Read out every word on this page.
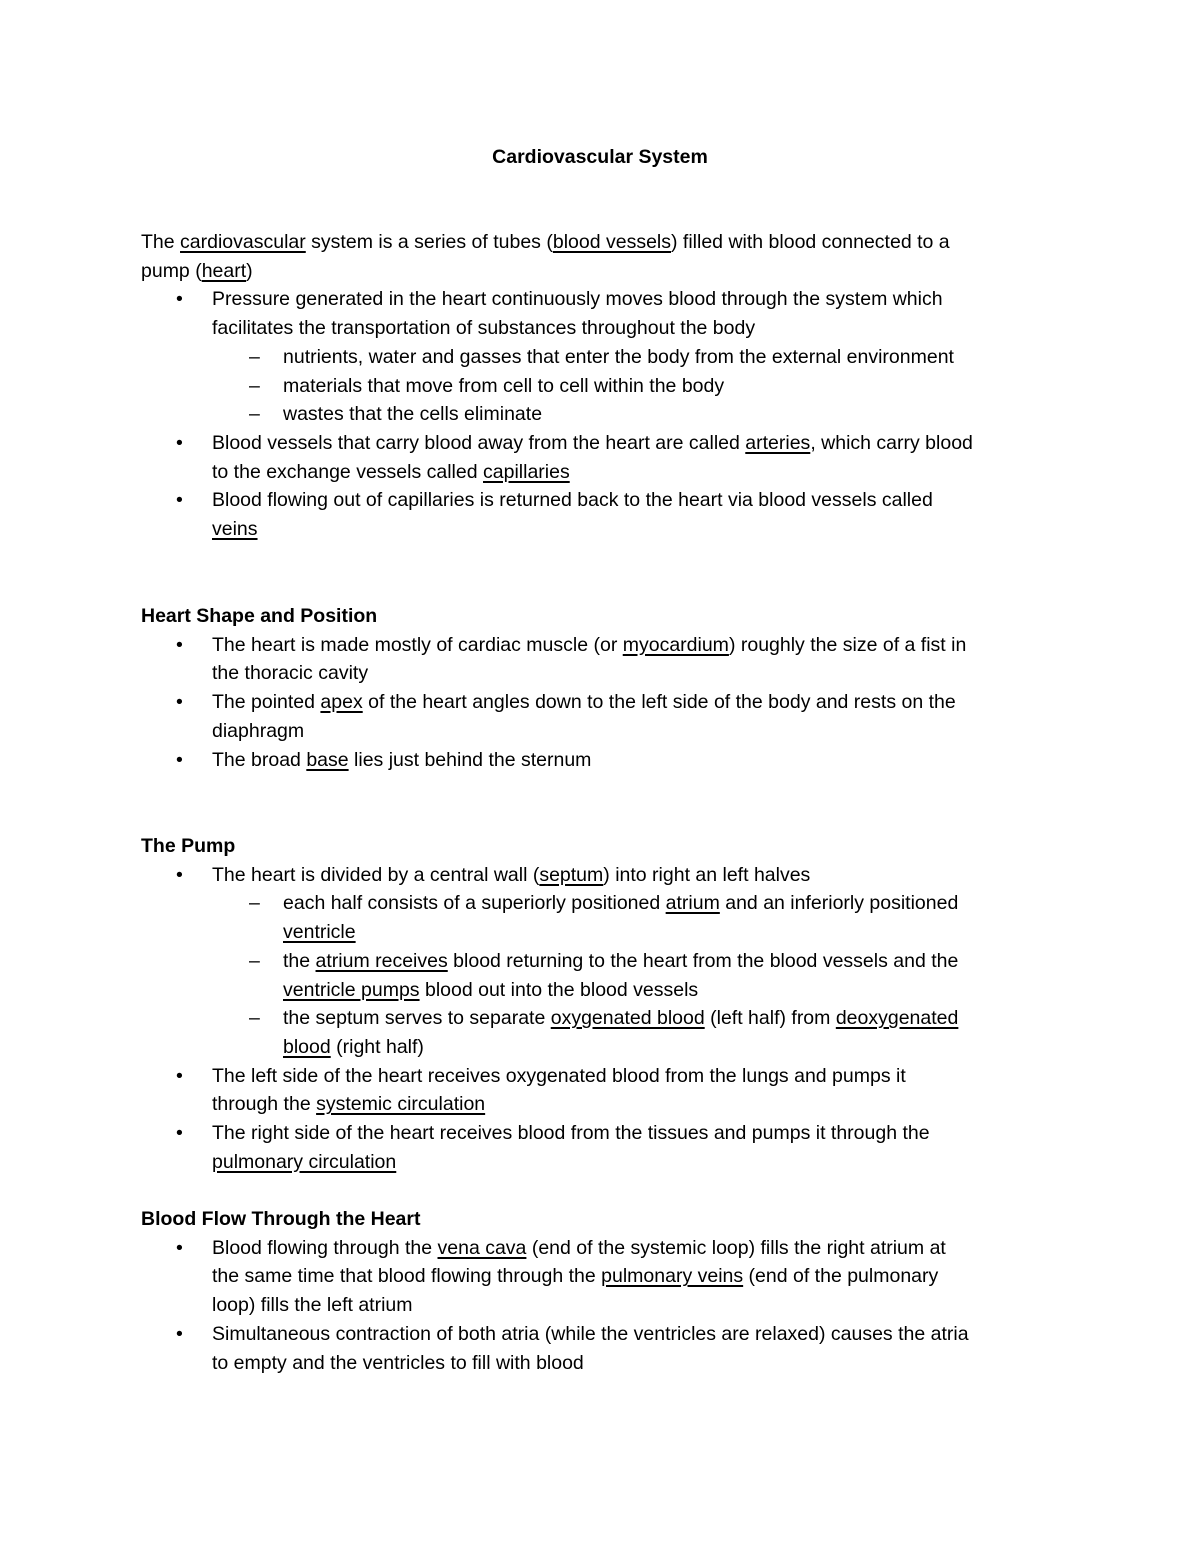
Cardiovascular System
The cardiovascular system is a series of tubes (blood vessels) filled with blood connected to a
pump (heart)
• Pressure generated in the heart continuously moves blood through the system which
facilitates the transportation of substances throughout the body
– nutrients, water and gasses that enter the body from the external environment
– materials that move from cell to cell within the body
– wastes that the cells eliminate
• Blood vessels that carry blood away from the heart are called arteries, which carry blood
to the exchange vessels called capillaries
• Blood flowing out of capillaries is returned back to the heart via blood vessels called
veins
Heart Shape and Position
• The heart is made mostly of cardiac muscle (or myocardium) roughly the size of a fist in
the thoracic cavity
• The pointed apex of the heart angles down to the left side of the body and rests on the
diaphragm
• The broad base lies just behind the sternum
The Pump
• The heart is divided by a central wall (septum) into right an left halves
– each half consists of a superiorly positioned atrium and an inferiorly positioned
ventricle
– the atrium receives blood returning to the heart from the blood vessels and the
ventricle pumps blood out into the blood vessels
– the septum serves to separate oxygenated blood (left half) from deoxygenated
blood (right half)
• The left side of the heart receives oxygenated blood from the lungs and pumps it
through the systemic circulation
• The right side of the heart receives blood from the tissues and pumps it through the
pulmonary circulation
Blood Flow Through the Heart
• Blood flowing through the vena cava (end of the systemic loop) fills the right atrium at
the same time that blood flowing through the pulmonary veins (end of the pulmonary
loop) fills the left atrium
• Simultaneous contraction of both atria (while the ventricles are relaxed) causes the atria
to empty and the ventricles to fill with blood
